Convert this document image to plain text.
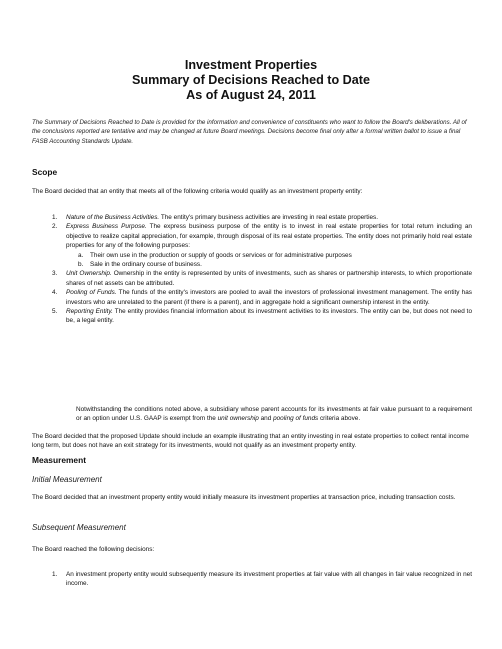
Investment Properties
Summary of Decisions Reached to Date
As of August 24, 2011
The Summary of Decisions Reached to Date is provided for the information and convenience of constituents who want to follow the Board's deliberations. All of the conclusions reported are tentative and may be changed at future Board meetings. Decisions become final only after a formal written ballot to issue a final FASB Accounting Standards Update.
Scope
The Board decided that an entity that meets all of the following criteria would qualify as an investment property entity:
1. Nature of the Business Activities. The entity's primary business activities are investing in real estate properties.
2. Express Business Purpose. The express business purpose of the entity is to invest in real estate properties for total return including an objective to realize capital appreciation, for example, through disposal of its real estate properties. The entity does not primarily hold real estate properties for any of the following purposes:
a. Their own use in the production or supply of goods or services or for administrative purposes
b. Sale in the ordinary course of business.
3. Unit Ownership. Ownership in the entity is represented by units of investments, such as shares or partnership interests, to which proportionate shares of net assets can be attributed.
4. Pooling of Funds. The funds of the entity's investors are pooled to avail the investors of professional investment management. The entity has investors who are unrelated to the parent (if there is a parent), and in aggregate hold a significant ownership interest in the entity.
5. Reporting Entity. The entity provides financial information about its investment activities to its investors. The entity can be, but does not need to be, a legal entity.
Notwithstanding the conditions noted above, a subsidiary whose parent accounts for its investments at fair value pursuant to a requirement or an option under U.S. GAAP is exempt from the unit ownership and pooling of funds criteria above.
The Board decided that the proposed Update should include an example illustrating that an entity investing in real estate properties to collect rental income long term, but does not have an exit strategy for its investments, would not qualify as an investment property entity.
Measurement
Initial Measurement
The Board decided that an investment property entity would initially measure its investment properties at transaction price, including transaction costs.
Subsequent Measurement
The Board reached the following decisions:
1. An investment property entity would subsequently measure its investment properties at fair value with all changes in fair value recognized in net income.
